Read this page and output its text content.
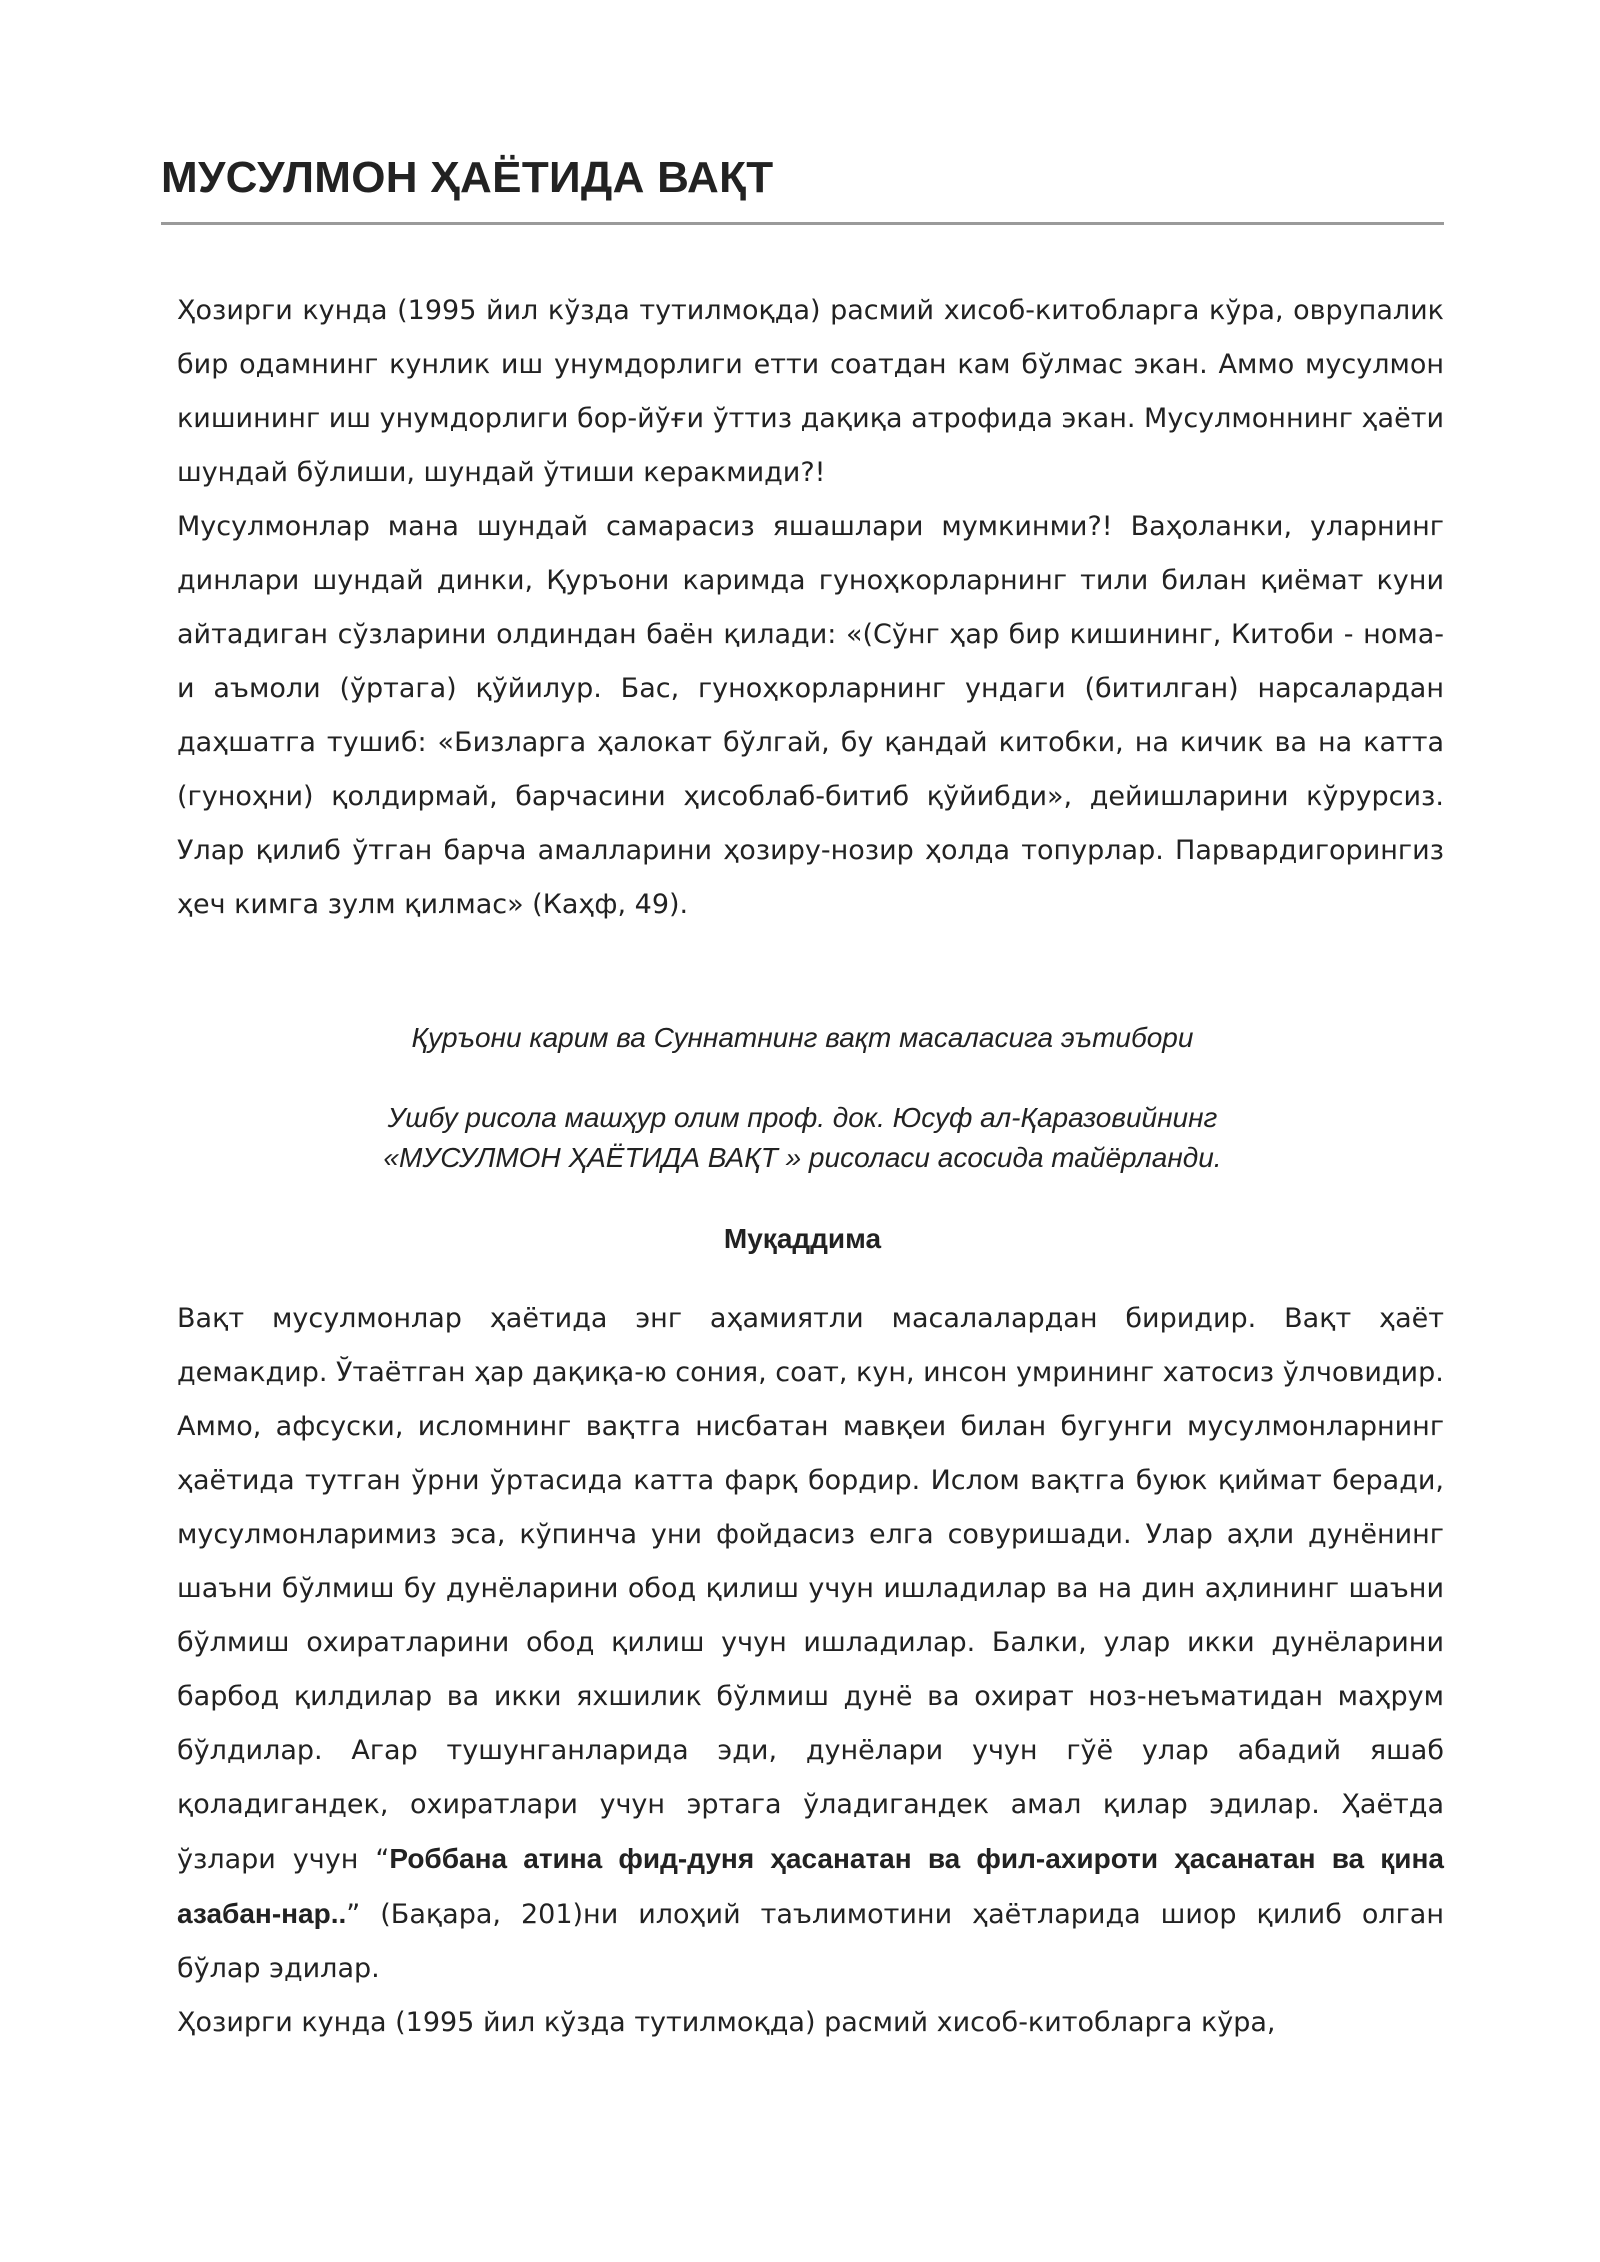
МУСУЛМОН ҲАЁТИДА ВАҚТ

Ҳозирги кунда (1995 йил кўзда тутилмоқда) расмий хисоб-китобларга кўра, оврупалик бир одамнинг кунлик иш унумдорлиги етти соатдан кам бўлмас экан. Аммо мусулмон кишининг иш унумдорлиги бор-йўғи ўттиз дақиқа атрофида экан. Мусулмоннинг ҳаёти шундай бўлиши, шундай ўтиши керакмиди?!

Мусулмонлар мана шундай самарасиз яшашлари мумкинми?! Ваҳоланки, уларнинг динлари шундай динки, Қуръони каримда гуноҳкорларнинг тили билан қиёмат куни айтадиган сўзларини олдиндан баён қилади: «(Сўнг ҳар бир кишининг, Китоби - нома-и аъмоли (ўртага) қўйилур. Бас, гуноҳкорларнинг ундаги (битилган) нарсалардан даҳшатга тушиб: «Бизларга ҳалокат бўлгай, бу қандай китобки, на кичик ва на катта (гуноҳни) қолдирмай, барчасини ҳисоблаб-битиб қўйибди», дейишларини кўрурсиз. Улар қилиб ўтган барча амалларини ҳозиру-нозир ҳолда топурлар. Парвардигорингиз ҳеч кимга зулм қилмас» (Каҳф, 49).

Қуръони карим ва Суннатнинг вақт масаласига эътибори

Ушбу рисола машҳур олим проф. док. Юсуф ал-Қаразовийнинг
«МУСУЛМОН ҲАЁТИДА ВАҚТ » рисоласи асосида тайёрланди.

Муқаддима

Вақт мусулмонлар ҳаётида энг аҳамиятли масалалардан биридир. Вақт ҳаёт демакдир. Ўтаётган ҳар дақиқа-ю сония, соат, кун, инсон умрининг хатосиз ўлчовидир.

Аммо, афсуски, исломнинг вақтга нисбатан мавқеи билан бугунги мусулмонларнинг ҳаётида тутган ўрни ўртасида катта фарқ бордир. Ислом вақтга буюк қиймат беради, мусулмонларимиз эса, кўпинча уни фойдасиз елга совуришади. Улар аҳли дунёнинг шаъни бўлмиш бу дунёларини обод қилиш учун ишладилар ва на дин аҳлининг шаъни бўлмиш охиратларини обод қилиш учун ишладилар. Балки, улар икки дунёларини барбод қилдилар ва икки яхшилик бўлмиш дунё ва охират ноз-неъматидан маҳрум бўлдилар. Агар тушунганларида эди, дунёлари учун гўё улар абадий яшаб қоладигандек, охиратлари учун эртага ўладигандек амал қилар эдилар. Ҳаётда ўзлари учун “Роббана атина фид-дуня ҳасанатан ва фил-ахироти ҳасанатан ва қина азабан-нар..” (Бақара, 201)ни илоҳий таълимотини ҳаётларида шиор қилиб олган бўлар эдилар.

Ҳозирги кунда (1995 йил кўзда тутилмоқда) расмий хисоб-китобларга кўра,
